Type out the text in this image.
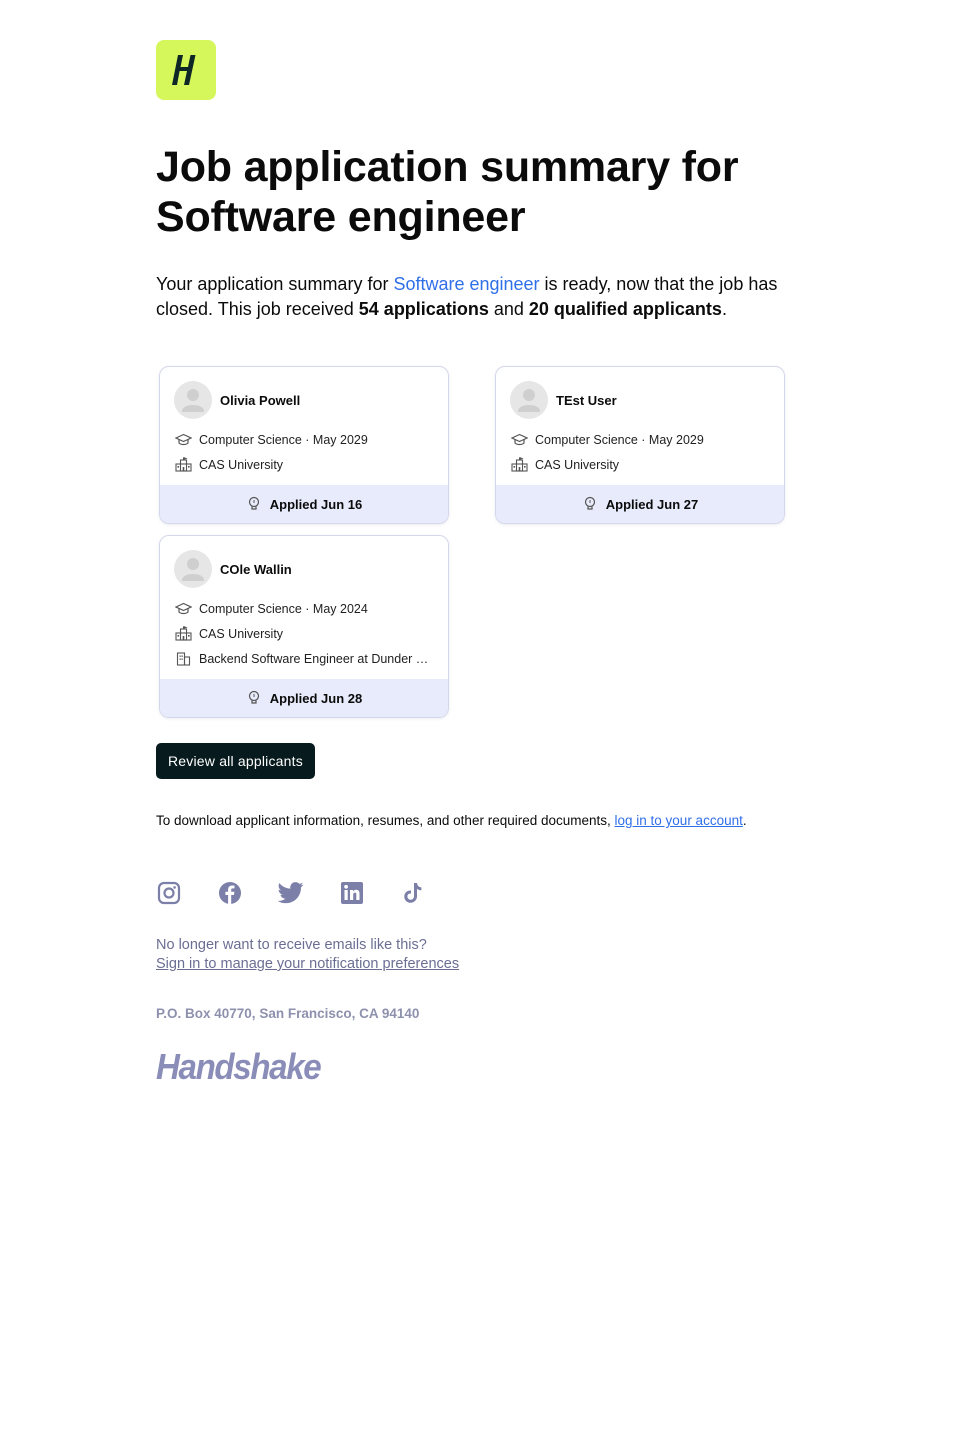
Job application summary for Software engineer
Your application summary for Software engineer is ready, now that the job has closed. This job received 54 applications and 20 qualified applicants.
Olivia Powell
Computer Science · May 2029
CAS University
Applied Jun 16
TEst User
Computer Science · May 2029
CAS University
Applied Jun 27
COle Wallin
Computer Science · May 2024
CAS University
Backend Software Engineer at Dunder …
Applied Jun 28
Review all applicants
To download applicant information, resumes, and other required documents, log in to your account.
No longer want to receive emails like this?
Sign in to manage your notification preferences
P.O. Box 40770, San Francisco, CA 94140
Handshake
